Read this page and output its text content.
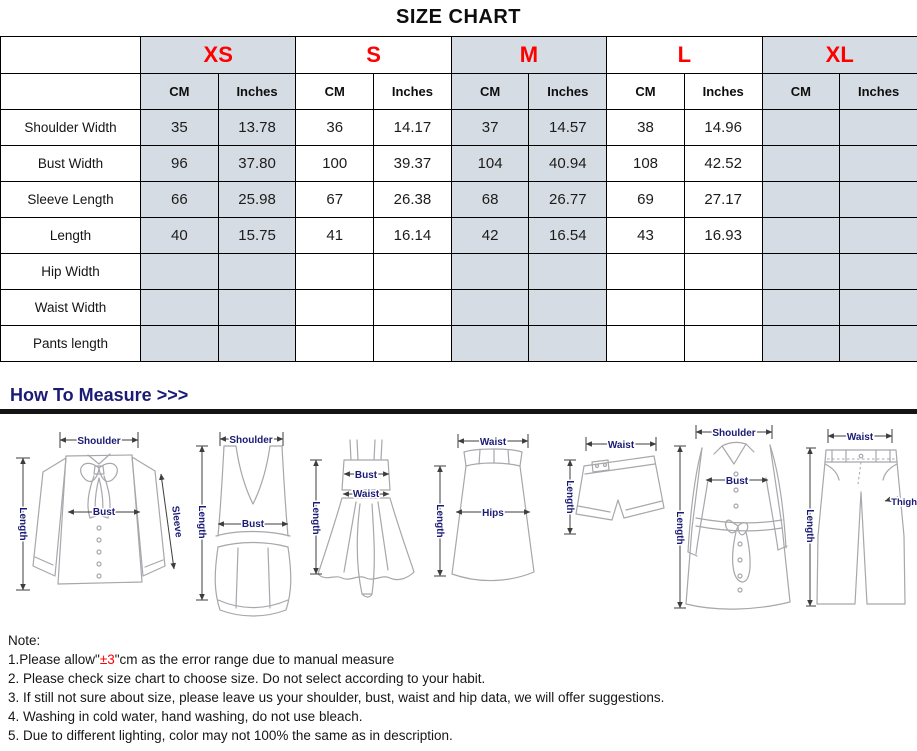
SIZE CHART
	XS		S		M		L		XL	
	CM	Inches	CM	Inches	CM	Inches	CM	Inches	CM	Inches
Shoulder Width	35	13.78	36	14.17	37	14.57	38	14.96		
Bust Width	96	37.80	100	39.37	104	40.94	108	42.52		
Sleeve Length	66	25.98	67	26.38	68	26.77	69	27.17		
Length	40	15.75	41	16.14	42	16.54	43	16.93		
Hip Width										
Waist Width										
Pants length										
How To Measure >>>
Shoulder
Length	Bust	Sleeve
Shoulder
Length	Bust
Bust
Waist
Length
Waist
Hips
Length
Waist
Length
Shoulder
Bust
Length
Waist
Thigh
Length
Note:
1.Please allow"±3"cm as the error range due to manual measure
2. Please check size chart to choose size. Do not select according to your habit.
3. If still not sure about size, please leave us your shoulder, bust, waist and hip data, we will offer suggestions.
4. Washing in cold water, hand washing, do not use bleach.
5. Due to different lighting, color may not 100% the same as in description.
